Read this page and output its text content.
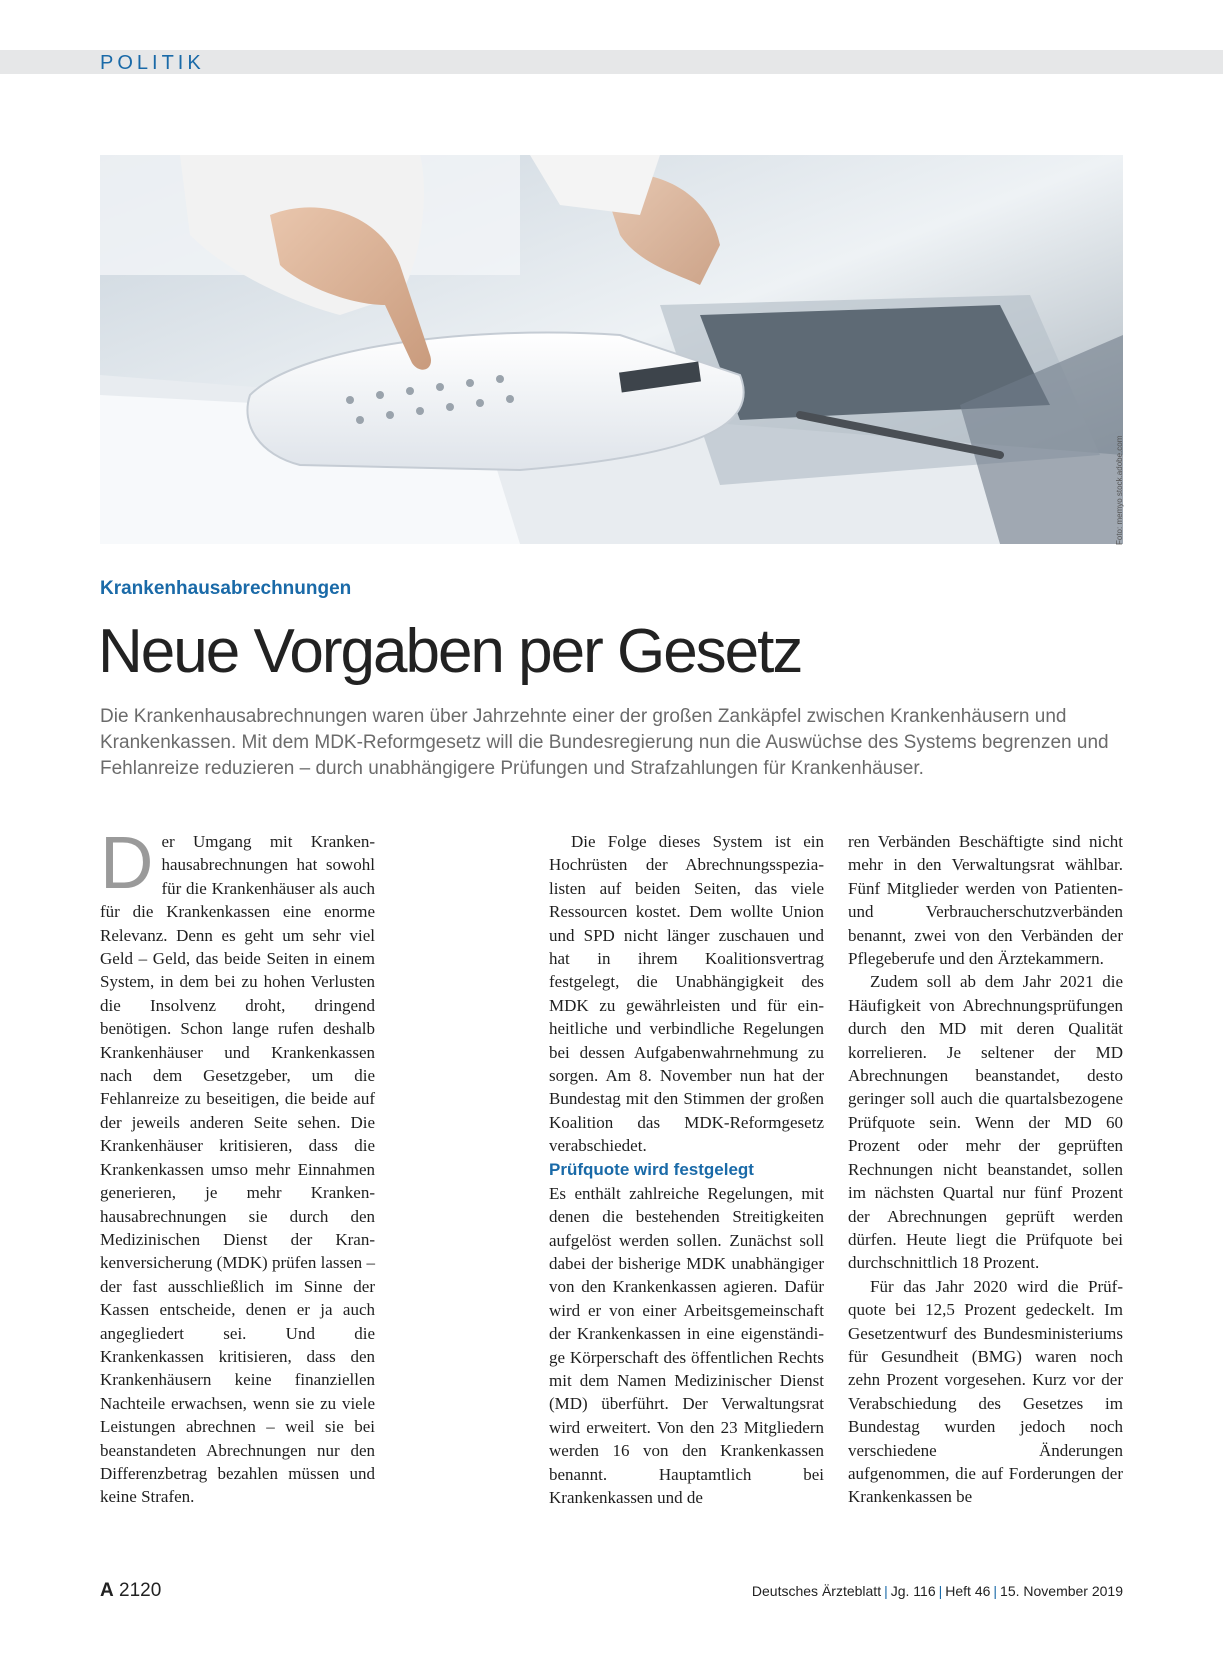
POLITIK
Foto: memyo stock.adobe.com
Krankenhausabrechnungen
Neue Vorgaben per Gesetz
Die Krankenhausabrechnungen waren über Jahrzehnte einer der großen Zankäpfel zwischen Krankenhäusern und Krankenkassen. Mit dem MDK-Reformgesetz will die Bundesregierung nun die Auswüchse des Systems begrenzen und Fehlanreize reduzieren – durch unabhängigere Prüfungen und Strafzahlungen für Krankenhäuser.
D er Umgang mit Krankenhausabrechnungen hat sowohl für die Krankenhäuser als auch für die Krankenkassen eine enorme Relevanz. Denn es geht um sehr viel Geld – Geld, das beide Seiten in einem System, in dem bei zu hohen Verlusten die Insolvenz droht, dringend benötigen. Schon lange rufen deshalb Krankenhäuser und Krankenkassen nach dem Gesetzgeber, um die Fehlanreize zu beseitigen, die beide auf der jeweils anderen Seite sehen. Die Krankenhäuser kritisieren, dass die Krankenkassen umso mehr Einnahmen generieren, je mehr Krankenhausabrechnungen sie durch den Medizinischen Dienst der Krankenversicherung (MDK) prüfen lassen – der fast ausschließlich im Sinne der Kassen entscheide, denen er ja auch angegliedert sei. Und die Krankenkassen kritisieren, dass den Krankenhäusern keine finanziellen Nachteile erwachsen, wenn sie zu viele Leistungen abrechnen – weil sie bei beanstandeten Abrechnungen nur den Differenzbetrag bezahlen müssen und keine Strafen.

Die Folge dieses System ist ein Hochrüsten der Abrechnungsspezialisten auf beiden Seiten, das viele Ressourcen kostet. Dem wollte Union und SPD nicht länger zuschauen und hat in ihrem Koalitionsvertrag festgelegt, die Unabhängigkeit des MDK zu gewährleisten und für einheitliche und verbindliche Regelungen bei dessen Aufgabenwahrnehmung zu sorgen. Am 8. November nun hat der Bundestag mit den Stimmen der großen Koalition das MDK-Reformgesetz verabschiedet.

Prüfquote wird festgelegt

Es enthält zahlreiche Regelungen, mit denen die bestehenden Streitigkeiten aufgelöst werden sollen. Zunächst soll dabei der bisherige MDK unabhängiger von den Krankenkassen agieren. Dafür wird er von einer Arbeitsgemeinschaft der Krankenkassen in eine eigenständige Körperschaft des öffentlichen Rechts mit dem Namen Medizinischer Dienst (MD) überführt. Der Verwaltungsrat wird erweitert. Von den 23 Mitgliedern werden 16 von den Krankenkassen benannt. Hauptamtlich bei Krankenkassen und de

ren Verbänden Beschäftigte sind nicht mehr in den Verwaltungsrat wählbar. Fünf Mitglieder werden von Patienten- und Verbraucherschutzverbänden benannt, zwei von den Verbänden der Pflegeberufe und den Ärztekammern.

Zudem soll ab dem Jahr 2021 die Häufigkeit von Abrechnungsprüfungen durch den MD mit deren Qualität korrelieren. Je seltener der MD Abrechnungen beanstandet, desto geringer soll auch die quartalsbezogene Prüfquote sein. Wenn der MD 60 Prozent oder mehr der geprüften Rechnungen nicht beanstandet, sollen im nächsten Quartal nur fünf Prozent der Abrechnungen geprüft werden dürfen. Heute liegt die Prüfquote bei durchschnittlich 18 Prozent.

Für das Jahr 2020 wird die Prüfquote bei 12,5 Prozent gedeckelt. Im Gesetzentwurf des Bundesministeriums für Gesundheit (BMG) waren noch zehn Prozent vorgesehen. Kurz vor der Verabschiedung des Gesetzes im Bundestag wurden jedoch noch verschiedene Änderungen aufgenommen, die auf Forderungen der Krankenkassen be

A 2120	Deutsches Ärzteblatt | Jg. 116 | Heft 46 | 15. November 2019
